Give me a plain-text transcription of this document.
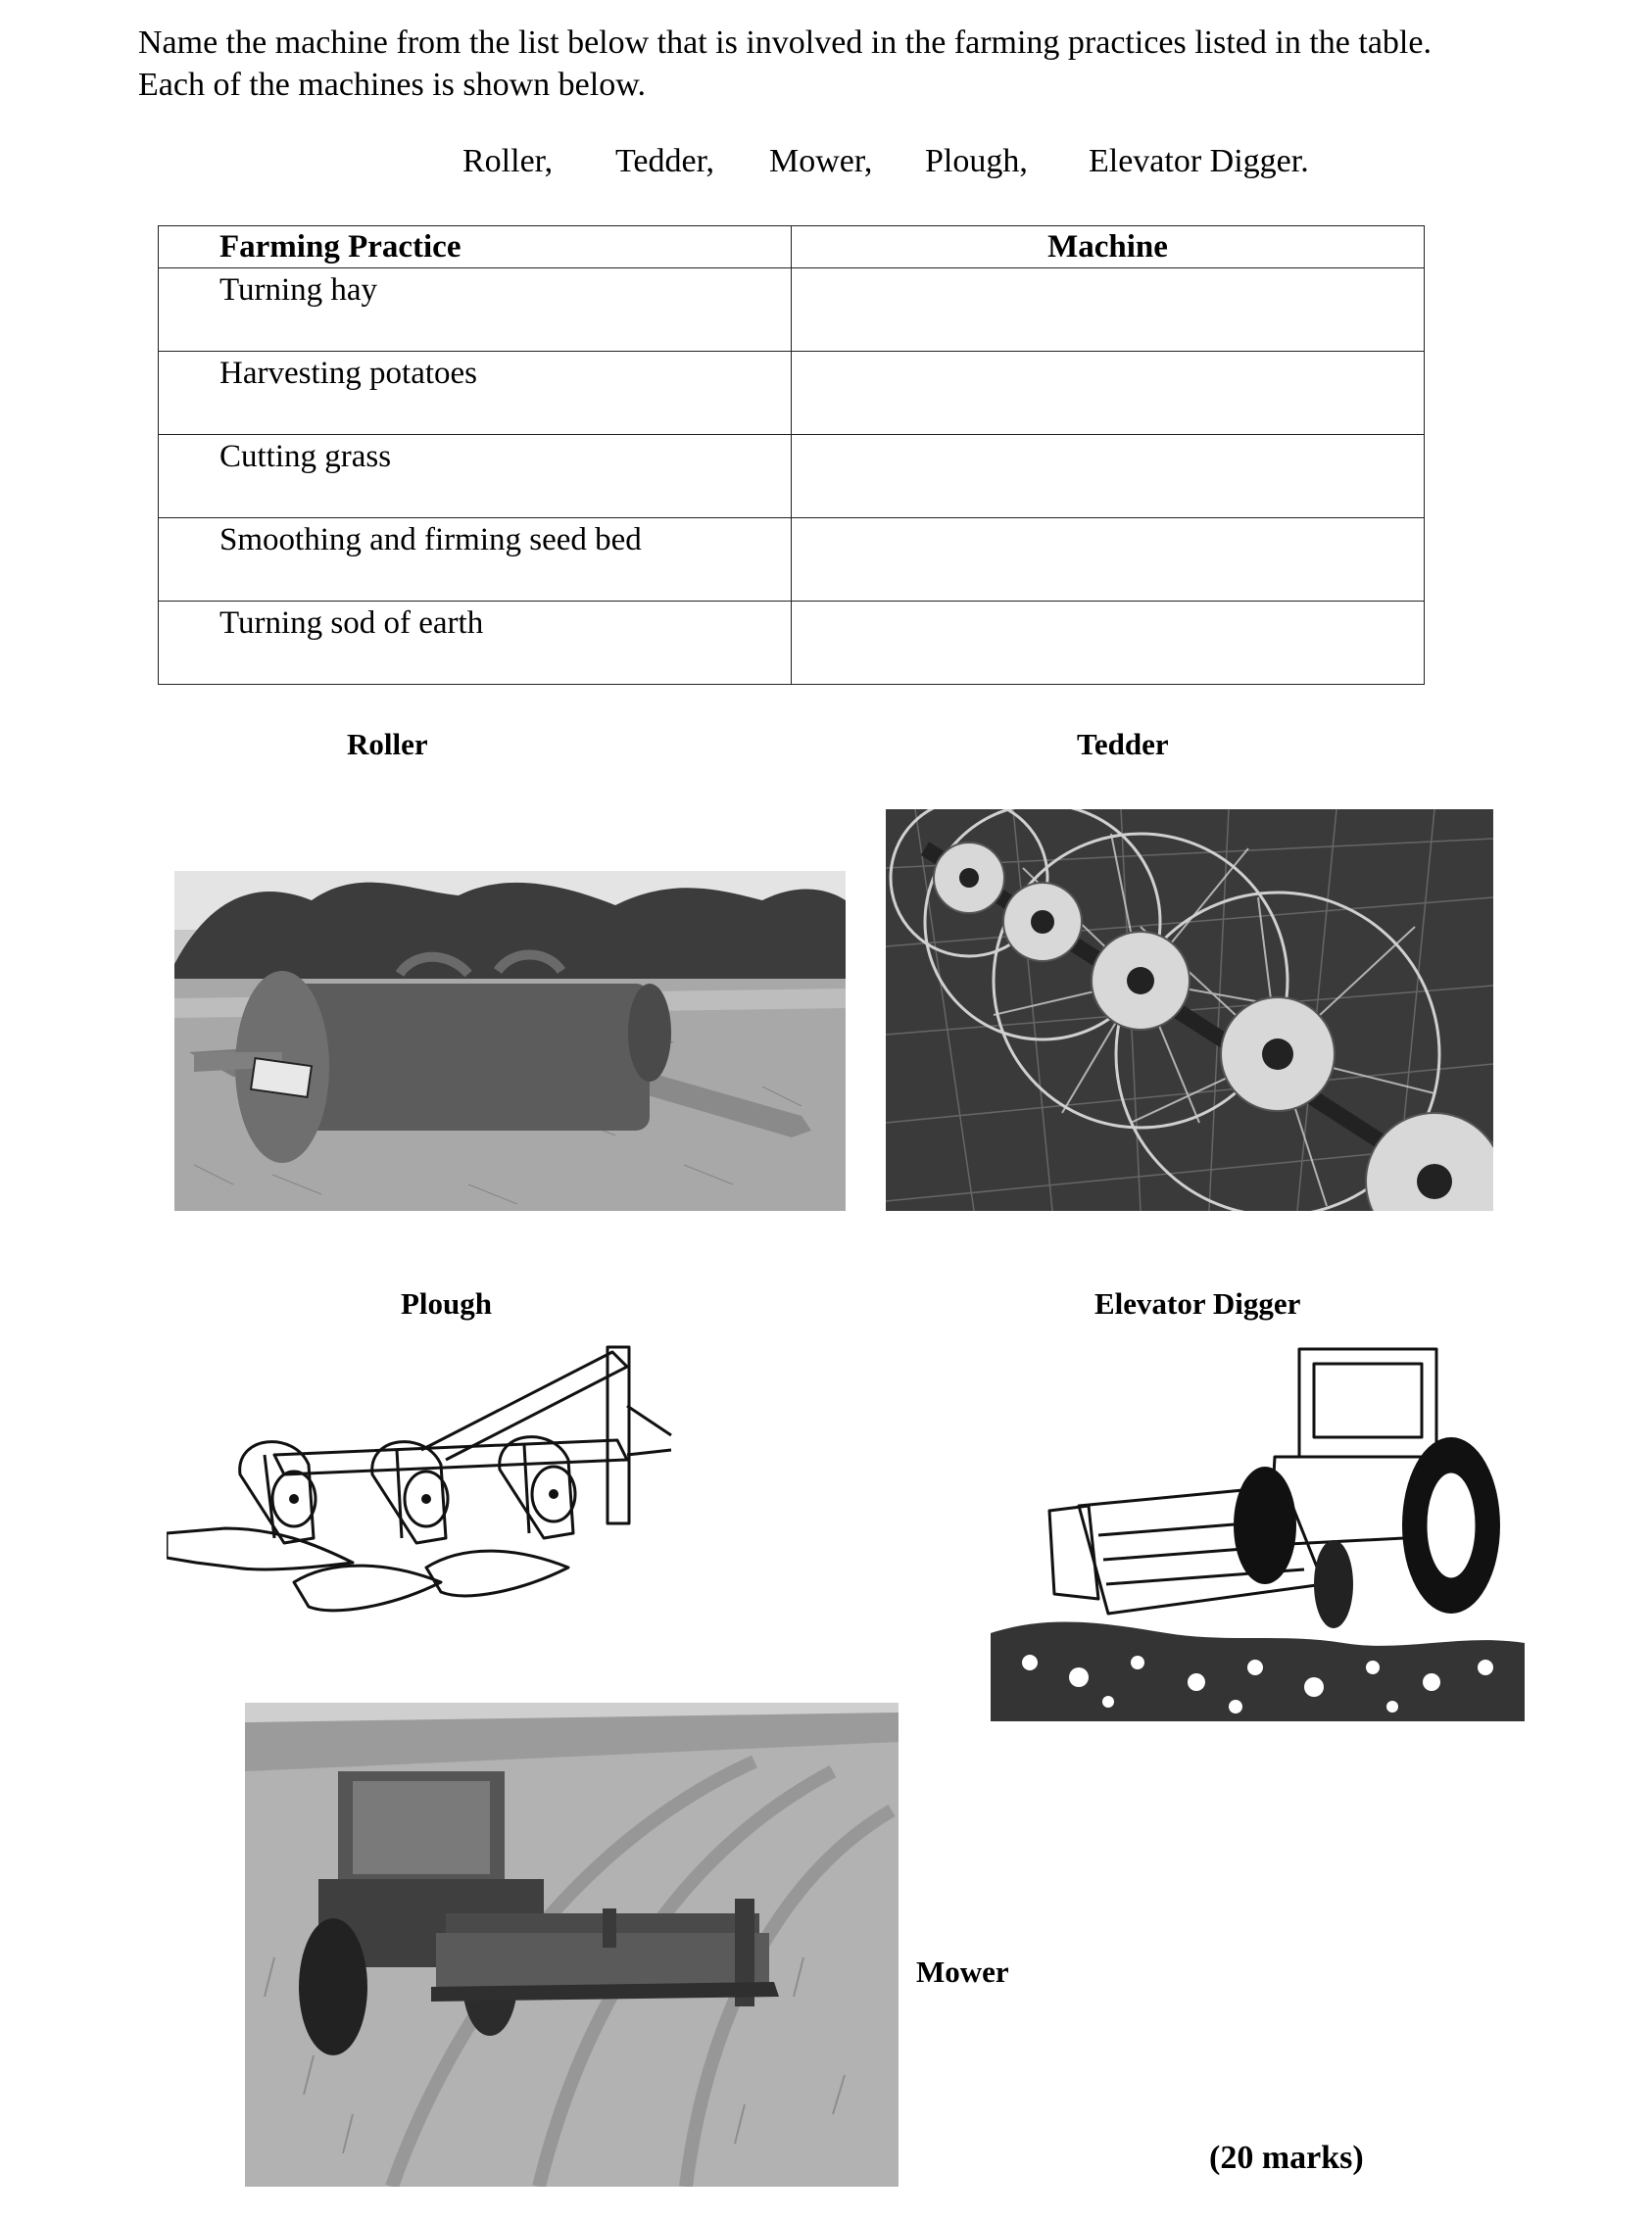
Name the machine from the list below that is involved in the farming practices listed in the table.

Each of the machines is shown below.

Roller, Tedder, Mower, Plough, Elevator Digger.
Farming Practice	Machine
Turning hay	
Harvesting potatoes	
Cutting grass	
Smoothing and firming seed bed	
Turning sod of earth	
Roller	Tedder
Plough	Elevator Digger
Mower
(20 marks)
